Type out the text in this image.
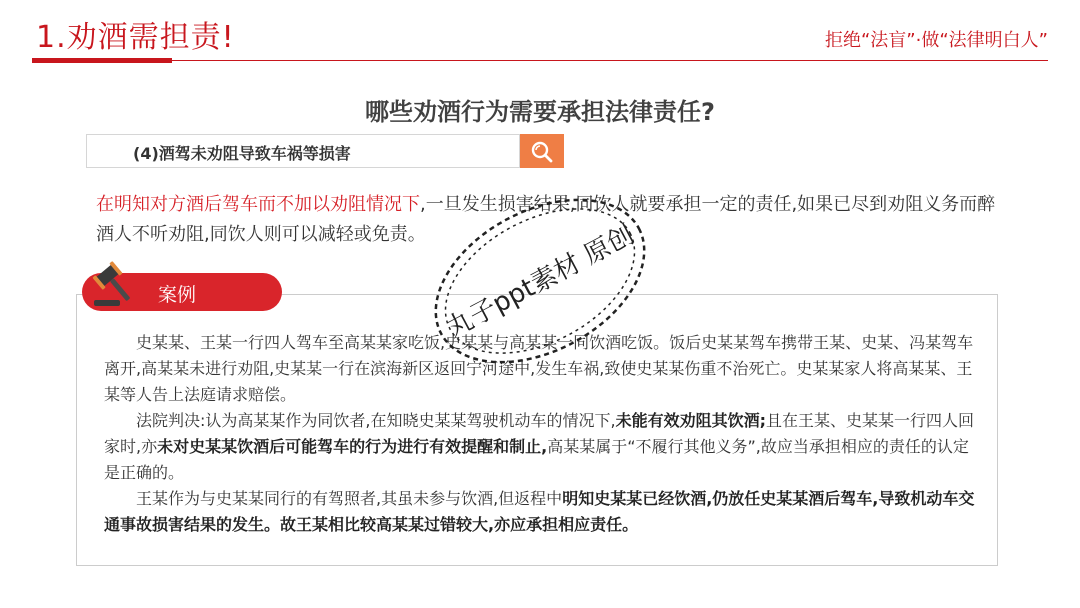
1.劝酒需担责!	拒绝“法盲”·做“法律明白人”
哪些劝酒行为需要承担法律责任?
(4)酒驾未劝阻导致车祸等损害
在明知对方酒后驾车而不加以劝阻情况下,一旦发生损害结果,同饮人就要承担一定的责任,如果已尽到劝阻义务而醉酒人不听劝阻,同饮人则可以减轻或免责。
案例

史某某、王某一行四人驾车至高某某家吃饭,史某某与高某某一同饮酒吃饭。饭后史某某驾车携带王某、史某、冯某驾车离开,高某某未进行劝阻,史某某一行在滨海新区返回宁河途中,发生车祸,致使史某某伤重不治死亡。史某某家人将高某某、王某等人告上法庭请求赔偿。

法院判决:认为高某某作为同饮者,在知晓史某某驾驶机动车的情况下,未能有效劝阻其饮酒;且在王某、史某某一行四人回家时,亦未对史某某饮酒后可能驾车的行为进行有效提醒和制止,高某某属于“不履行其他义务”,故应当承担相应的责任的认定是正确的。

王某作为与史某某同行的有驾照者,其虽未参与饮酒,但返程中明知史某某已经饮酒,仍放任史某某酒后驾车,导致机动车交通事故损害结果的发生。故王某相比较高某某过错较大,亦应承担相应责任。

丸子ppt素材 原创
